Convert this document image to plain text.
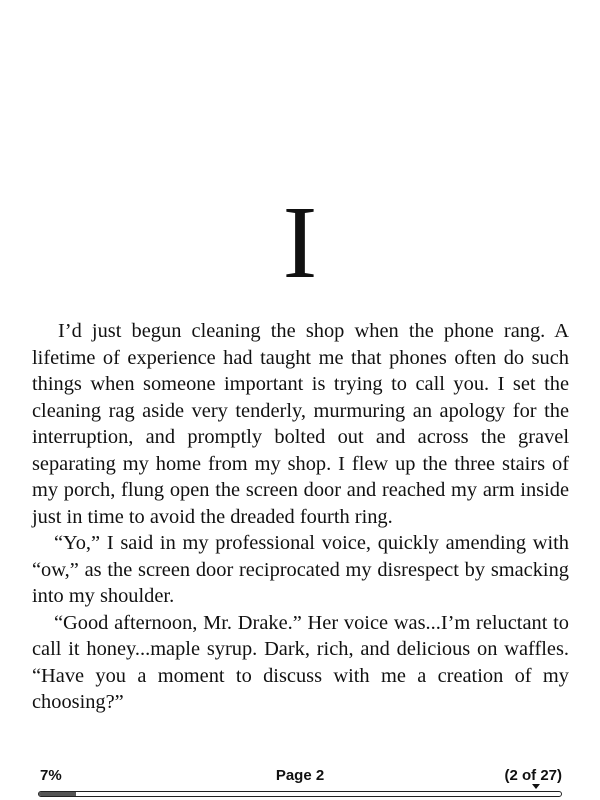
I

I’d just begun cleaning the shop when the phone rang. A lifetime of experience had taught me that phones often do such things when someone important is trying to call you. I set the cleaning rag aside very tenderly, murmuring an apology for the interruption, and promptly bolted out and across the gravel separating my home from my shop. I flew up the three stairs of my porch, flung open the screen door and reached my arm inside just in time to avoid the dreaded fourth ring.

“Yo,” I said in my professional voice, quickly amending with “ow,” as the screen door reciprocated my disrespect by smacking into my shoulder.

“Good afternoon, Mr. Drake.” Her voice was...I’m reluctant to call it honey...maple syrup. Dark, rich, and delicious on waffles. “Have you a moment to discuss with me a creation of my choosing?”

7%	Page 2	(2 of 27)
